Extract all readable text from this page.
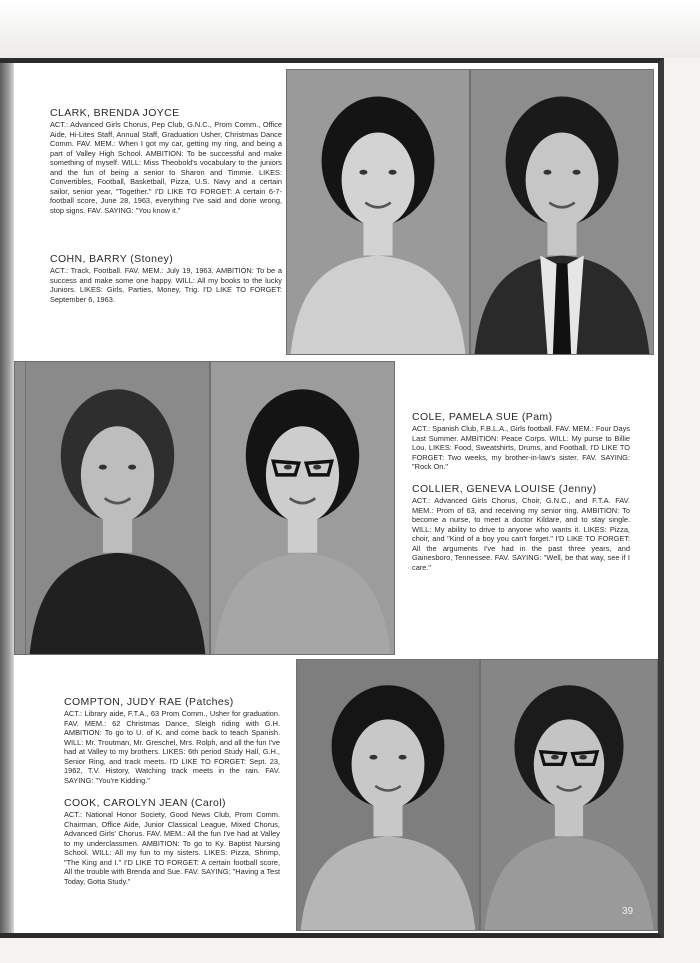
CLARK, BRENDA JOYCE

ACT.: Advanced Girls Chorus, Pep Club, G.N.C., Prom Comm., Office Aide, Hi-Lites Staff, Annual Staff, Graduation Usher, Christmas Dance Comm. FAV. MEM.: When I got my car, getting my ring, and being a part of Valley High School. AMBITION: To be successful and make something of myself. WILL: Miss Theobold's vocabulary to the juniors and the fun of being a senior to Sharon and Timmie. LIKES: Convertibles, Football, Basketball, Pizza, U.S. Navy and a certain sailor, senior year, "Together." I'D LIKE TO FORGET: A certain 6-7-football score, June 28, 1963, everything I've said and done wrong, stop signs. FAV. SAYING: "You know it."

COHN, BARRY (Stoney)

ACT.: Track, Football. FAV. MEM.: July 19, 1963. AMBITION: To be a success and make some one happy. WILL: All my books to the lucky Juniors. LIKES: Girls, Parties, Money, Trig. I'D LIKE TO FORGET: September 6, 1963.

COLE, PAMELA SUE (Pam)

ACT.: Spanish Club, F.B.L.A., Girls football. FAV. MEM.: Four Days Last Summer. AMBITION: Peace Corps. WILL: My purse to Billie Lou. LIKES: Food, Sweatshirts, Drums, and Football. I'D LIKE TO FORGET: Two weeks, my brother-in-law's sister. FAV. SAYING: "Rock On."

COLLIER, GENEVA LOUISE (Jenny)

ACT.: Advanced Girls Chorus, Choir, G.N.C., and F.T.A. FAV. MEM.: Prom of 63, and receiving my senior ring. AMBITION: To become a nurse, to meet a doctor Kildare, and to stay single. WILL: My ability to drive to anyone who wants it. LIKES: Pizza, choir, and "Kind of a boy you can't forget." I'D LIKE TO FORGET: All the arguments I've had in the past three years, and Gainesboro, Tennessee. FAV. SAYING: "Well, be that way, see if I care."

COMPTON, JUDY RAE (Patches)

ACT.: Library aide, F.T.A., 63 Prom Comm., Usher for graduation. FAV. MEM.: 62 Christmas Dance, Sleigh riding with G.H. AMBITION: To go to U. of K. and come back to teach Spanish. WILL: Mr. Troutman, Mr. Greschel, Mrs. Rolph, and all the fun I've had at Valley to my brothers. LIKES: 6th period Study Hall, G.H., Senior Ring, and track meets. I'D LIKE TO FORGET: Sept. 23, 1962, T.V. History, Watching track meets in the rain. FAV. SAYING: "You're Kidding."

COOK, CAROLYN JEAN (Carol)

ACT.: National Honor Society, Good News Club, Prom Comm. Chairman, Office Aide, Junior Classical League, Mixed Chorus, Advanced Girls' Chorus. FAV. MEM.: All the fun I've had at Valley to my underclassmen. AMBITION: To go to Ky. Baptist Nursing School. WILL: All my fun to my sisters. LIKES: Pizza, Shrimp, "The King and I." I'D LIKE TO FORGET: A certain football score, All the trouble with Brenda and Sue. FAV. SAYING: "Having a Test Today, Gotta Study."

39
